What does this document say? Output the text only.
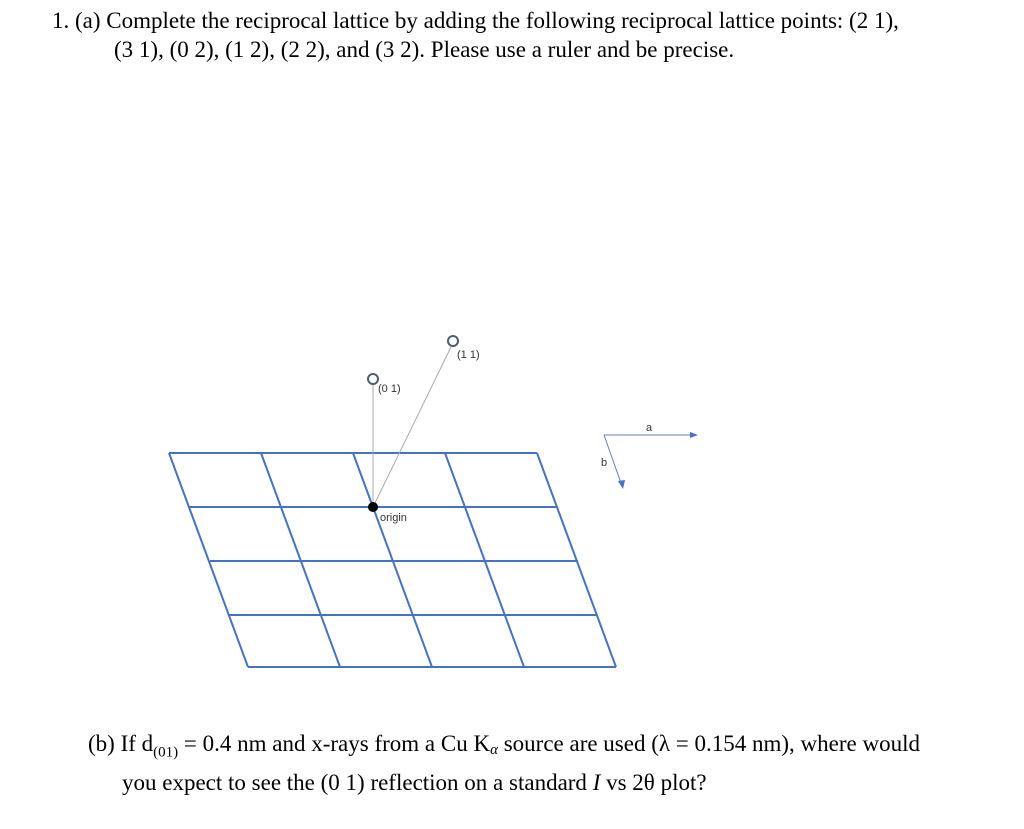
1. (a) Complete the reciprocal lattice by adding the following reciprocal lattice points: (2 1),
(3 1), (0 2), (1 2), (2 2), and (3 2). Please use a ruler and be precise.
origin
(0 1)
(1 1)
a
b
(b) If $d_{(01)} = 0.4$ nm and x-rays from a Cu Kα source are used (λ = 0.154 nm), where would
you expect to see the (0 1) reflection on a standard I vs 2θ plot?
